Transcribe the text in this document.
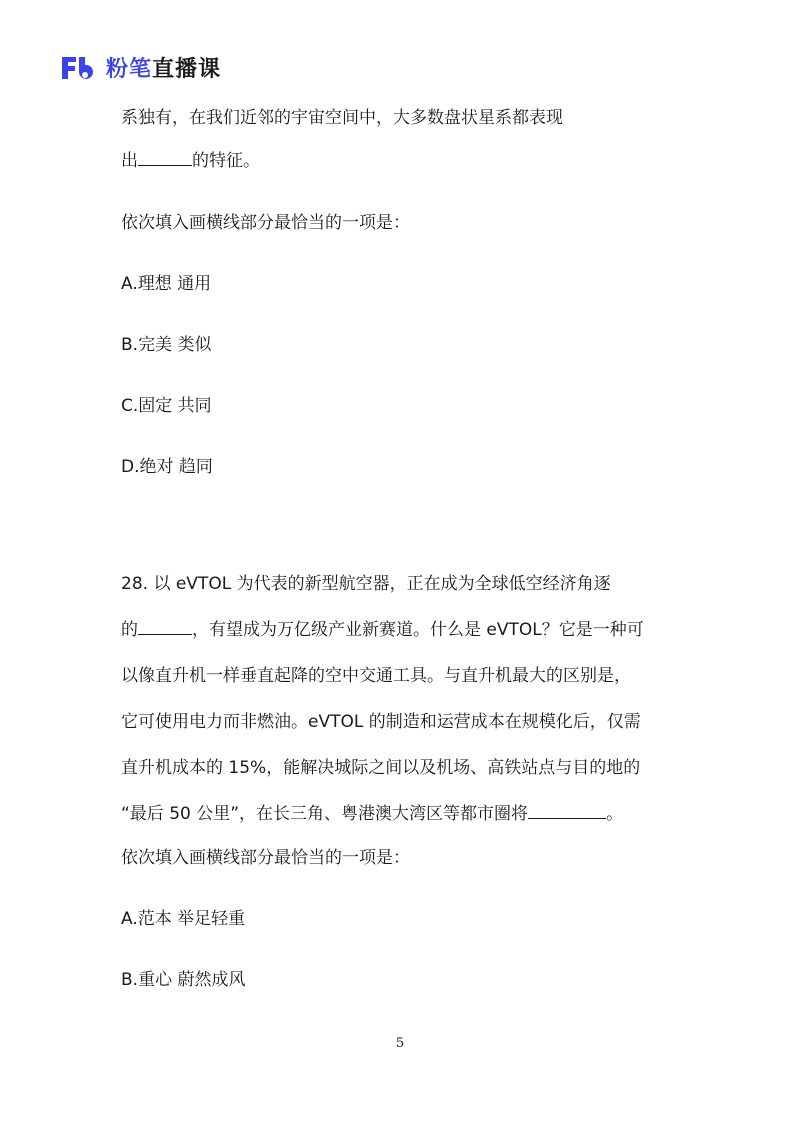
粉笔直播课
系独有，在我们近邻的宇宙空间中，大多数盘状星系都表现
出	的特征。
依次填入画横线部分最恰当的一项是：
A.理想 通用
B.完美 类似
C.固定 共同
D.绝对 趋同
28. 以 eVTOL 为代表的新型航空器，正在成为全球低空经济角逐
的	，有望成为万亿级产业新赛道。什么是 eVTOL？它是一种可
以像直升机一样垂直起降的空中交通工具。与直升机最大的区别是，
它可使用电力而非燃油。eVTOL 的制造和运营成本在规模化后，仅需
直升机成本的 15%，能解决城际之间以及机场、高铁站点与目的地的
“最后 50 公里”，在长三角、粤港澳大湾区等都市圈将	。
依次填入画横线部分最恰当的一项是：
A.范本 举足轻重
B.重心 蔚然成风
5
